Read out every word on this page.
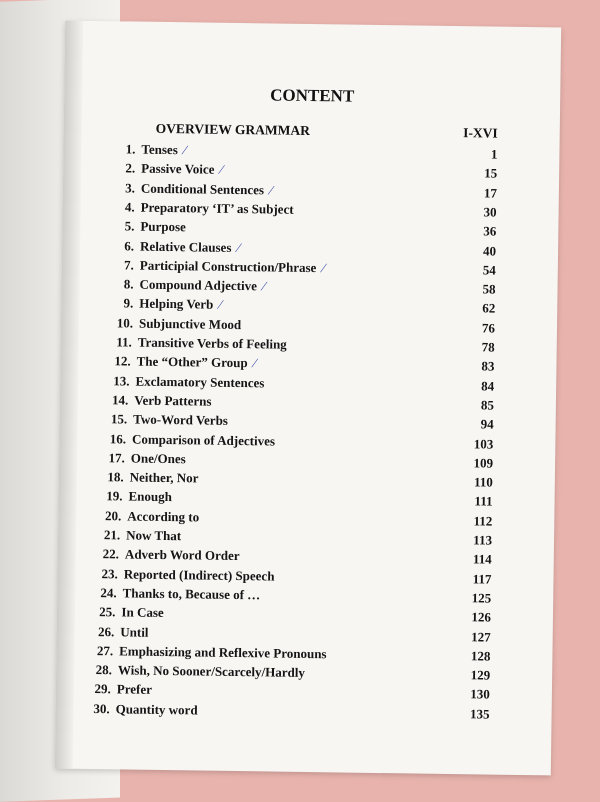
CONTENT
OVERVIEW GRAMMAR	I-XVI
1. Tenses ⁄	1
2. Passive Voice ⁄	15
3. Conditional Sentences ⁄	17
4. Preparatory ‘IT’ as Subject	30
5. Purpose	36
6. Relative Clauses ⁄	40
7. Participial Construction/Phrase ⁄	54
8. Compound Adjective ⁄	58
9. Helping Verb ⁄	62
10. Subjunctive Mood	76
11. Transitive Verbs of Feeling	78
12. The “Other” Group ⁄	83
13. Exclamatory Sentences	84
14. Verb Patterns	85
15. Two-Word Verbs	94
16. Comparison of Adjectives	103
17. One/Ones	109
18. Neither, Nor	110
19. Enough	111
20. According to	112
21. Now That	113
22. Adverb Word Order	114
23. Reported (Indirect) Speech	117
24. Thanks to, Because of …	125
25. In Case	126
26. Until	127
27. Emphasizing and Reflexive Pronouns	128
28. Wish, No Sooner/Scarcely/Hardly	129
29. Prefer	130
30. Quantity word	135
